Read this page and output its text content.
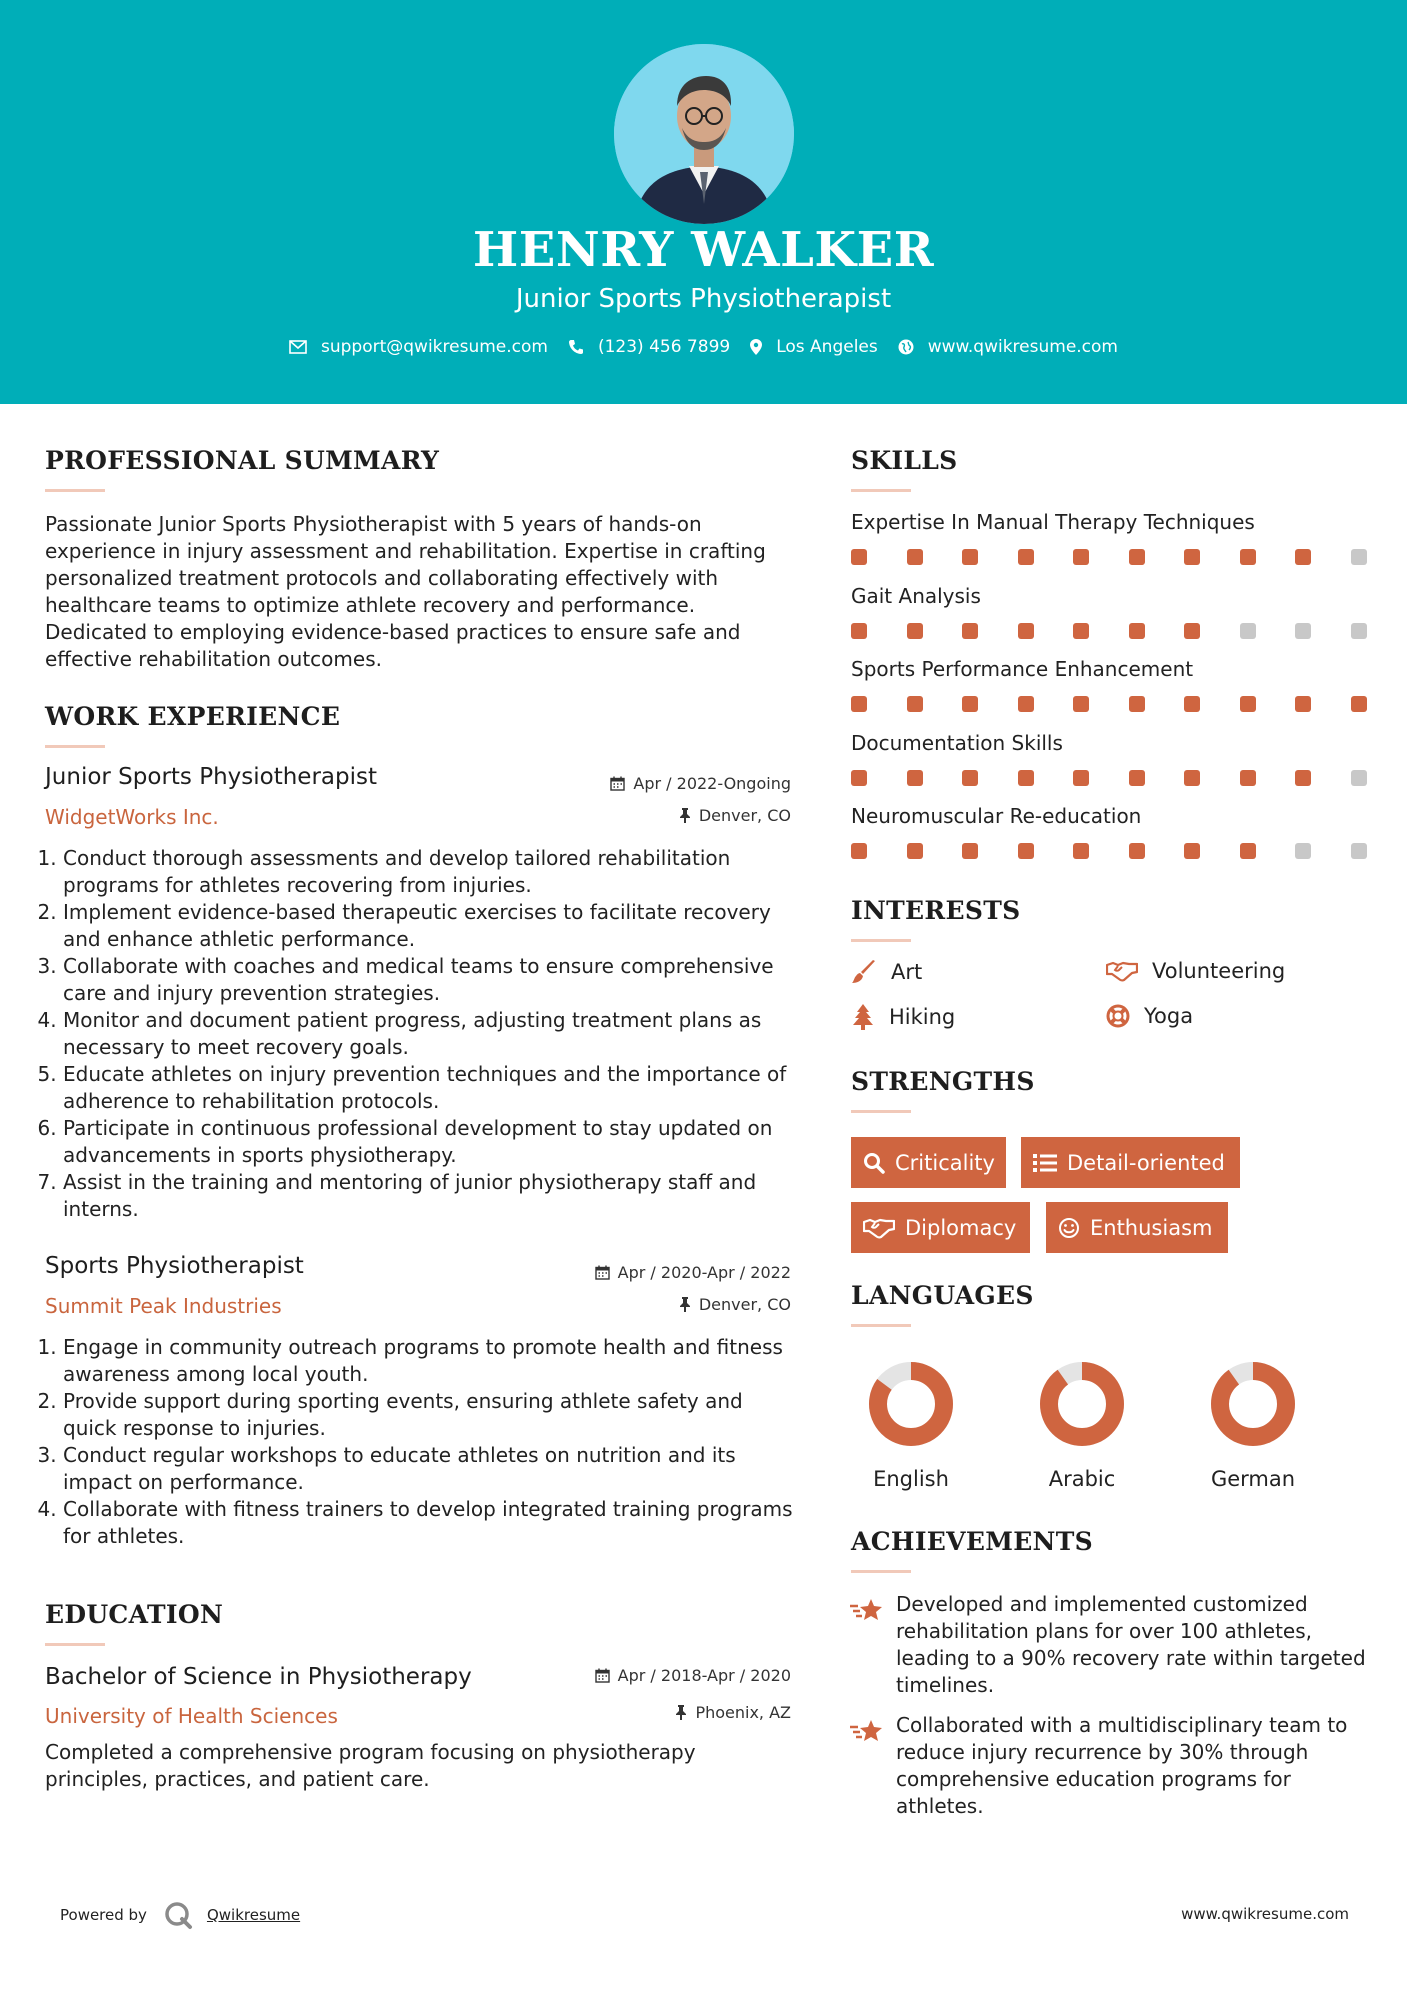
HENRY WALKER
Junior Sports Physiotherapist
support@qwikresume.com	(123) 456 7899	Los Angeles	www.qwikresume.com
PROFESSIONAL SUMMARY
Passionate Junior Sports Physiotherapist with 5 years of hands-on experience in injury assessment and rehabilitation. Expertise in crafting personalized treatment protocols and collaborating effectively with healthcare teams to optimize athlete recovery and performance. Dedicated to employing evidence-based practices to ensure safe and effective rehabilitation outcomes.
WORK EXPERIENCE
Junior Sports Physiotherapist	Apr / 2022-Ongoing
WidgetWorks Inc.	Denver, CO
1. Conduct thorough assessments and develop tailored rehabilitation programs for athletes recovering from injuries.
2. Implement evidence-based therapeutic exercises to facilitate recovery and enhance athletic performance.
3. Collaborate with coaches and medical teams to ensure comprehensive care and injury prevention strategies.
4. Monitor and document patient progress, adjusting treatment plans as necessary to meet recovery goals.
5. Educate athletes on injury prevention techniques and the importance of adherence to rehabilitation protocols.
6. Participate in continuous professional development to stay updated on advancements in sports physiotherapy.
7. Assist in the training and mentoring of junior physiotherapy staff and interns.
Sports Physiotherapist	Apr / 2020-Apr / 2022
Summit Peak Industries	Denver, CO
1. Engage in community outreach programs to promote health and fitness awareness among local youth.
2. Provide support during sporting events, ensuring athlete safety and quick response to injuries.
3. Conduct regular workshops to educate athletes on nutrition and its impact on performance.
4. Collaborate with fitness trainers to develop integrated training programs for athletes.
EDUCATION
Bachelor of Science in Physiotherapy	Apr / 2018-Apr / 2020
University of Health Sciences	Phoenix, AZ
Completed a comprehensive program focusing on physiotherapy principles, practices, and patient care.
SKILLS
Expertise In Manual Therapy Techniques
Gait Analysis
Sports Performance Enhancement
Documentation Skills
Neuromuscular Re-education
INTERESTS
Art	Volunteering
Hiking	Yoga
STRENGTHS
Criticality	Detail-oriented
Diplomacy	Enthusiasm
LANGUAGES
English	Arabic	German
ACHIEVEMENTS
Developed and implemented customized rehabilitation plans for over 100 athletes, leading to a 90% recovery rate within targeted timelines.
Collaborated with a multidisciplinary team to reduce injury recurrence by 30% through comprehensive education programs for athletes.
Powered by	Qwikresume	www.qwikresume.com
